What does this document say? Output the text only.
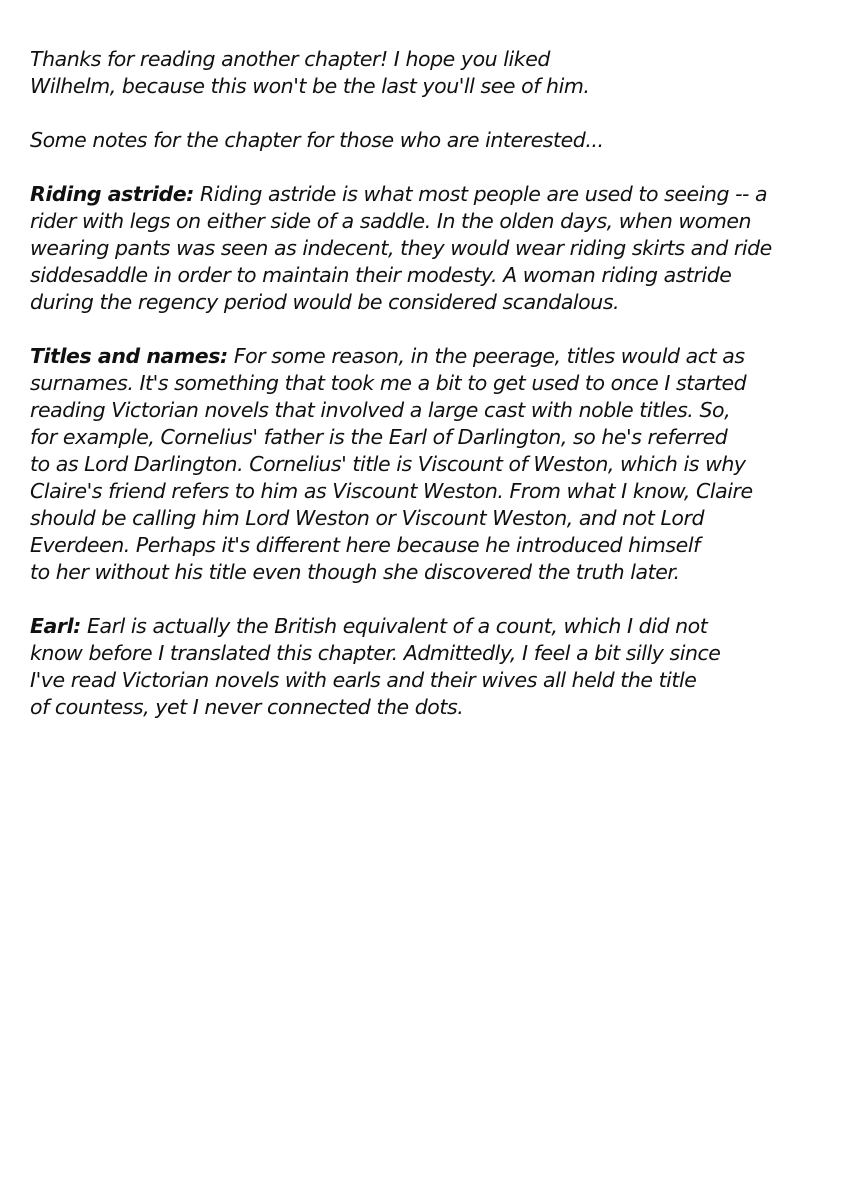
Thanks for reading another chapter! I hope you liked
Wilhelm, because this won't be the last you'll see of him.
Some notes for the chapter for those who are interested...
Riding astride: Riding astride is what most people are used to seeing -- a
rider with legs on either side of a saddle. In the olden days, when women
wearing pants was seen as indecent, they would wear riding skirts and ride
siddesaddle in order to maintain their modesty. A woman riding astride
during the regency period would be considered scandalous.
Titles and names: For some reason, in the peerage, titles would act as
surnames. It's something that took me a bit to get used to once I started
reading Victorian novels that involved a large cast with noble titles. So,
for example, Cornelius' father is the Earl of Darlington, so he's referred
to as Lord Darlington. Cornelius' title is Viscount of Weston, which is why
Claire's friend refers to him as Viscount Weston. From what I know, Claire
should be calling him Lord Weston or Viscount Weston, and not Lord
Everdeen. Perhaps it's different here because he introduced himself
to her without his title even though she discovered the truth later.
Earl: Earl is actually the British equivalent of a count, which I did not
know before I translated this chapter. Admittedly, I feel a bit silly since
I've read Victorian novels with earls and their wives all held the title
of countess, yet I never connected the dots.
